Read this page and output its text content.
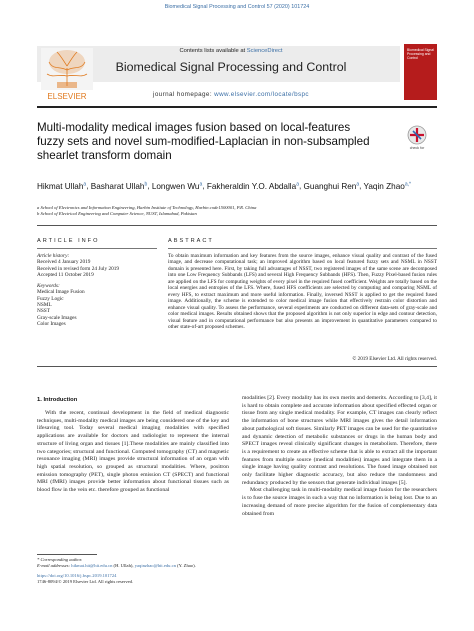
Biomedical Signal Processing and Control 57 (2020) 101724
ELSEVIER
Contents lists available at ScienceDirect
Biomedical Signal Processing and Control
journal homepage: www.elsevier.com/locate/bspc
Biomedical Signal Processing and Control
Multi-modality medical images fusion based on local-features fuzzy sets and novel sum-modified-Laplacian in non-subsampled shearlet transform domain
check for
Hikmat Ullah$^a$, Basharat Ullah$^b$, Longwen Wu$^a$, Fakheraldin Y.O. Abdalla$^a$, Guanghui Ren$^a$, Yaqin Zhao$^{a,*}$
a School of Electronics and Information Engineering, Harbin Institute of Technology, Harbin code1500001, P.R. China
b School of Electrical Engineering and Computer Science, NUST, Islamabad, Pakistan
ARTICLE INFO
Article history:
Received 4 January 2019
Received in revised form 24 July 2019
Accepted 11 October 2019
Keywords:
Medical Image Fusion
Fuzzy Logic
NSML
NSST
Gray-scale Images
Color Images
ABSTRACT
To obtain maximum information and key features from the source images, enhance visual quality and contrast of the fused image, and decrease computational task; an improved algorithm based on local featured fuzzy sets and NSML in NSST domain is presented here. First, by taking full advantages of NSST, two registered images of the same scene are decomposed into one Low Frequency Subbands (LFS) and several High Frequency Subbands (HFS). Then, Fuzzy Pixel-based fusion rules are applied on the LFS for computing weights of every pixel in the required fused coefficient. Weights are totally based on the local energies and entropies of the LFS. Where, fused HFS coefficients are selected by computing and comparing NSML of every HFS, to extract maximum and more useful information. Finally, inversed NSST is applied to get the required fused image. Additionally, the scheme is extended to color medical image fusion that effectively restrain color distortion and enhance visual quality. To assess the performance, several experiments are conducted on different data-sets of gray-scale and color medical images. Results obtained shows that the proposed algorithm is not only superior in edge and contour detection, visual feature and in computational performance but also presents an improvement in quantitative parameters compared to other state-of-art proposed schemes.
© 2019 Elsevier Ltd. All rights reserved.
1. Introduction
With the recent, continual development in the field of medical diagnostic techniques, multi-modality medical images are being considered one of the key and lifesaving tool. Today several medical imaging modalities with specified applications are available for doctors and radiologist to represent the internal structure of living organ and tissues [1].These modalities are mainly classified into two categories; structural and functional. Computed tomography (CT) and magnetic resonance imaging (MRI) images provide structural information of an organ with high spatial resolution, so grouped as structural modalities. Where, positron emission tomography (PET), single photon emission CT (SPECT) and functional MRI (fMRI) images provide better information about functional tissues such as blood flow in the vein etc. therefore grouped as functional
modalities [2]. Every modality has its own merits and demerits. According to [3,4], it is hard to obtain complete and accurate information about specified effected organ or tissue from any single medical modality. For example, CT images can clearly reflect the information of bone structures while MRI images gives the detail information about pathological soft tissues. Similarly PET images can be used for the quantitative and dynamic detection of metabolic substances or drugs in the human body and SPECT images reveal clinically significant changes in metabolism. Therefore, there is a requirement to create an effective scheme that is able to extract all the important features from multiple source (medical modalities) images and integrate them in a single image having quality contrast and resolutions. The fused image obtained not only facilitate higher diagnostic accuracy, but also reduce the randomness and redundancy produced by the sensors that generate individual images [5].
Most challenging task in multi-modality medical image fusion for the researchers is to fuse the source images in such a way that no information is being lost. Due to an increasing demand of more precise algorithm for the fusion of complementary data obtained from
* Corresponding author.
E-mail addresses: hikmat.hit@hit.edu.cn (H. Ullah), yaqinzhao@hit.edu.cn (Y. Zhao).
https://doi.org/10.1016/j.bspc.2019.101724
1746-8094/© 2019 Elsevier Ltd. All rights reserved.
